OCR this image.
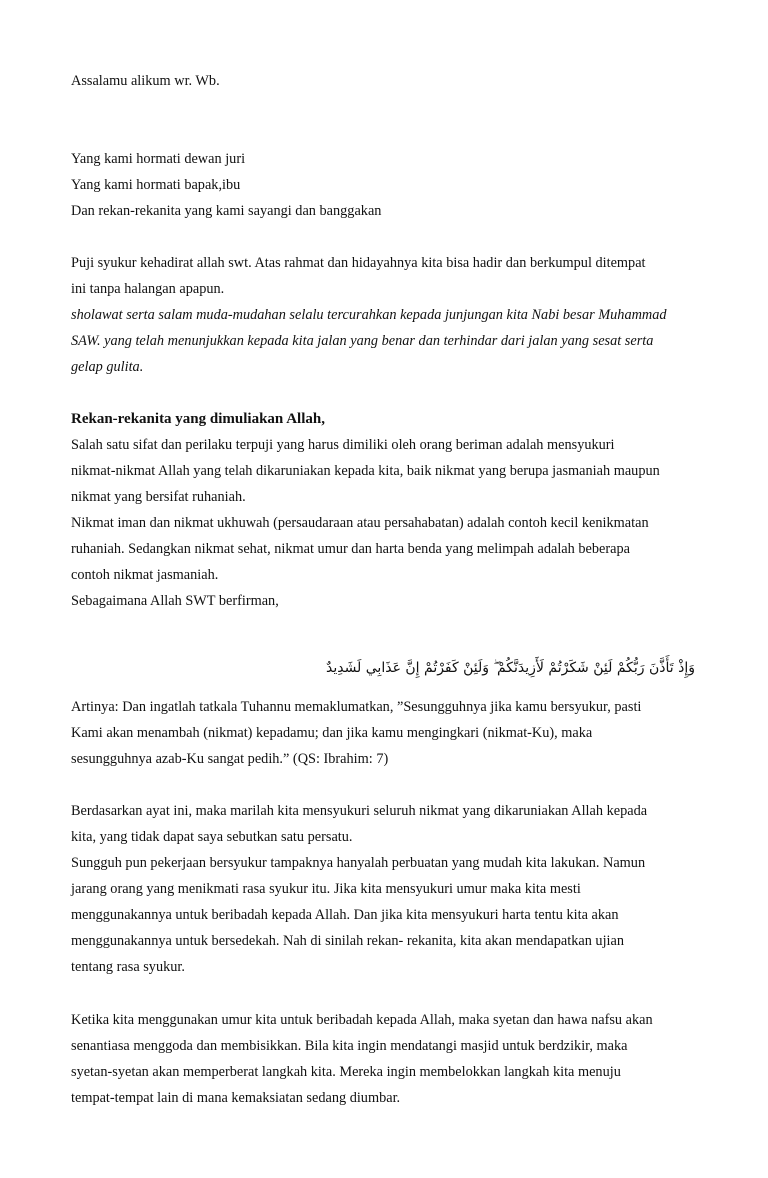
Assalamu alikum wr. Wb.

Yang kami hormati dewan juri

Yang kami hormati bapak,ibu

Dan rekan-rekanita yang kami sayangi dan banggakan

Puji syukur kehadirat allah swt. Atas rahmat dan hidayahnya kita bisa hadir dan berkumpul ditempat

ini tanpa halangan apapun.

sholawat serta salam muda-mudahan selalu tercurahkan kepada junjungan kita Nabi besar Muhammad

SAW. yang telah menunjukkan kepada kita jalan yang benar dan terhindar dari jalan yang sesat serta

gelap gulita.

Rekan-rekanita yang dimuliakan Allah,

Salah satu sifat dan perilaku terpuji yang harus dimiliki oleh orang beriman adalah mensyukuri

nikmat-nikmat Allah yang telah dikaruniakan kepada kita, baik nikmat yang berupa jasmaniah maupun

nikmat yang bersifat ruhaniah.

Nikmat iman dan nikmat ukhuwah (persaudaraan atau persahabatan) adalah contoh kecil kenikmatan

ruhaniah. Sedangkan nikmat sehat, nikmat umur dan harta benda yang melimpah adalah beberapa

contoh nikmat jasmaniah.

Sebagaimana Allah SWT berfirman,

وَإِذْ تَأَذَّنَ رَبُّكُمْ لَئِنْ شَكَرْتُمْ لَأَزِيدَنَّكُمْ ۖ وَلَئِنْ كَفَرْتُمْ إِنَّ عَذَابِي لَشَدِيدٌ

Artinya: Dan ingatlah tatkala Tuhannu memaklumatkan, ”Sesungguhnya jika kamu bersyukur, pasti

Kami akan menambah (nikmat) kepadamu; dan jika kamu mengingkari (nikmat-Ku), maka

sesungguhnya azab-Ku sangat pedih.” (QS: Ibrahim: 7)

Berdasarkan ayat ini, maka marilah kita mensyukuri seluruh nikmat yang dikaruniakan Allah kepada

kita, yang tidak dapat saya sebutkan satu persatu.

Sungguh pun pekerjaan bersyukur tampaknya hanyalah perbuatan yang mudah kita lakukan. Namun

jarang orang yang menikmati rasa syukur itu. Jika kita mensyukuri umur maka kita mesti

menggunakannya untuk beribadah kepada Allah. Dan jika kita mensyukuri harta tentu kita akan

menggunakannya untuk bersedekah. Nah di sinilah rekan- rekanita, kita akan mendapatkan ujian

tentang rasa syukur.

Ketika kita menggunakan umur kita untuk beribadah kepada Allah, maka syetan dan hawa nafsu akan

senantiasa menggoda dan membisikkan. Bila kita ingin mendatangi masjid untuk berdzikir, maka

syetan-syetan akan memperberat langkah kita. Mereka ingin membelokkan langkah kita menuju

tempat-tempat lain di mana kemaksiatan sedang diumbar.
